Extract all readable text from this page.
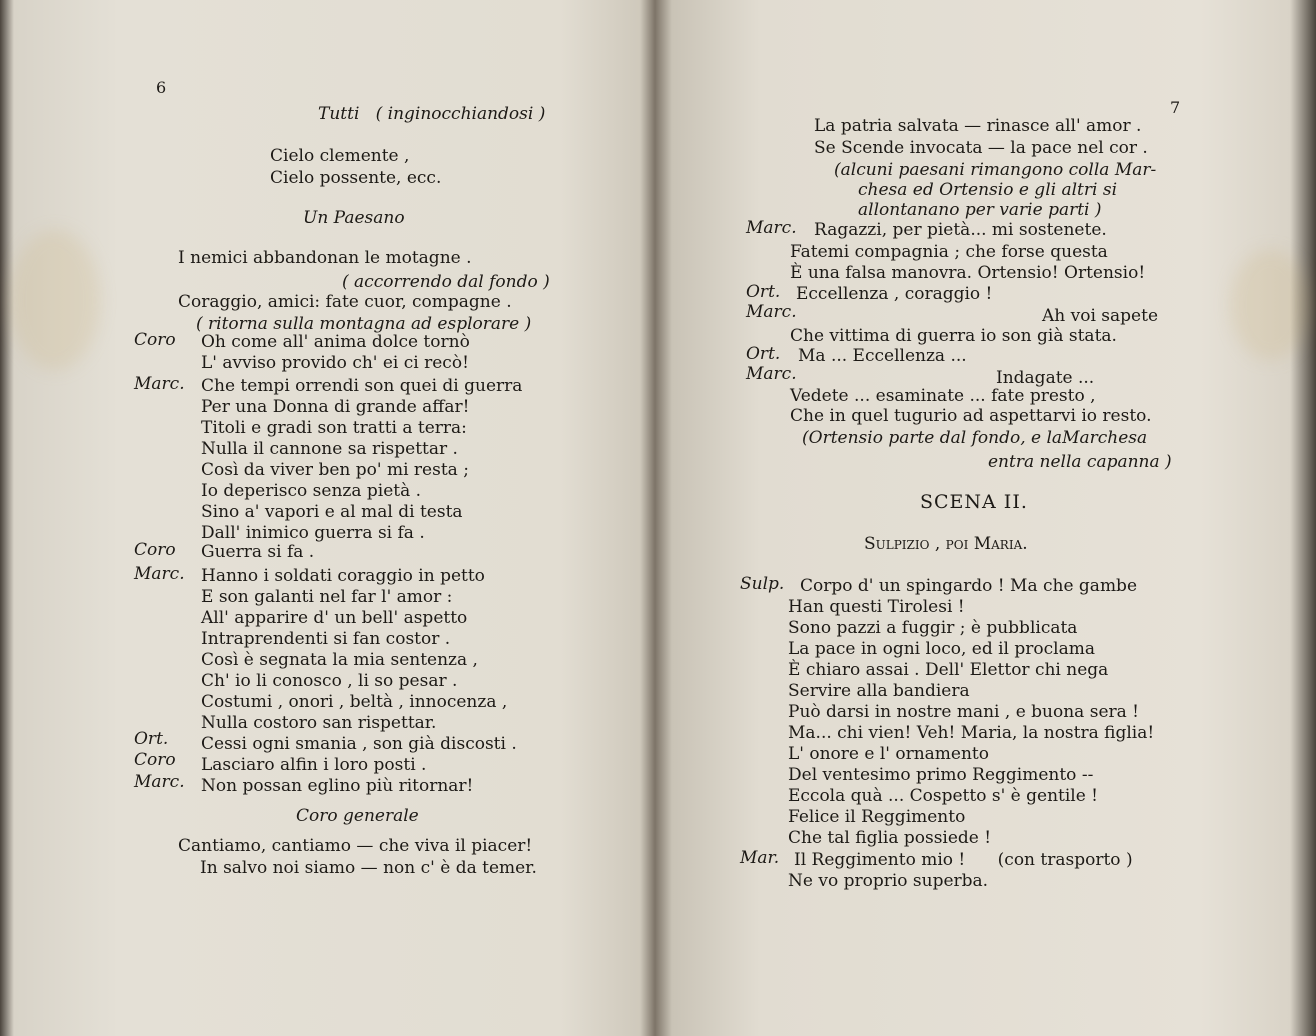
6
Tutti   ( inginocchiandosi )
Cielo clemente ,
Cielo possente, ecc.
Un Paesano
I nemici abbandonan le motagne .
( accorrendo dal fondo )
Coraggio, amici: fate cuor, compagne .
( ritorna sulla montagna ad esplorare )
Coro Oh come all' anima dolce tornò
L' avviso provido ch' ei ci recò!
Marc. Che tempi orrendi son quei di guerra
Per una Donna di grande affar!
Titoli e gradi son tratti a terra:
Nulla il cannone sa rispettar .
Così da viver ben po' mi resta ;
Io deperisco senza pietà .
Sino a' vapori e al mal di testa
Dall' inimico guerra si fa .
Coro Guerra si fa .
Marc. Hanno i soldati coraggio in petto
E son galanti nel far l' amor :
All' apparire d' un bell' aspetto
Intraprendenti si fan costor .
Così è segnata la mia sentenza ,
Ch' io li conosco , li so pesar .
Costumi , onori , beltà , innocenza ,
Nulla costoro san rispettar.
Ort. Cessi ogni smania , son già discosti .
Coro Lasciaro alfin i loro posti .
Marc. Non possan eglino più ritornar!
Coro generale
Cantiamo, cantiamo — che viva il piacer!
In salvo noi siamo — non c' è da temer.
7
La patria salvata — rinasce all' amor .
Se Scende invocata — la pace nel cor .
(alcuni paesani rimangono colla Mar-
chesa ed Ortensio e gli altri si
allontanano per varie parti )
Marc. Ragazzi, per pietà... mi sostenete.
Fatemi compagnia ; che forse questa
È una falsa manovra. Ortensio! Ortensio!
Ort. Eccellenza , coraggio !
Marc.	Ah voi sapete
Che vittima di guerra io son già stata.
Ort. Ma ... Eccellenza ...
Marc.	Indagate ...
Vedete ... esaminate ... fate presto ,
Che in quel tugurio ad aspettarvi io resto.
(Ortensio parte dal fondo, e laMarchesa
entra nella capanna )
SCENA II.
Sulpizio , poi Maria.
Sulp. Corpo d' un spingardo ! Ma che gambe
Han questi Tirolesi !
Sono pazzi a fuggir ; è pubblicata
La pace in ogni loco, ed il proclama
È chiaro assai . Dell' Elettor chi nega
Servire alla bandiera
Può darsi in nostre mani , e buona sera !
Ma... chi vien! Veh! Maria, la nostra figlia!
L' onore e l' ornamento
Del ventesimo primo Reggimento --
Eccola quà ... Cospetto s' è gentile !
Felice il Reggimento
Che tal figlia possiede !
Mar. Il Reggimento mio !      (con trasporto )
Ne vo proprio superba.
